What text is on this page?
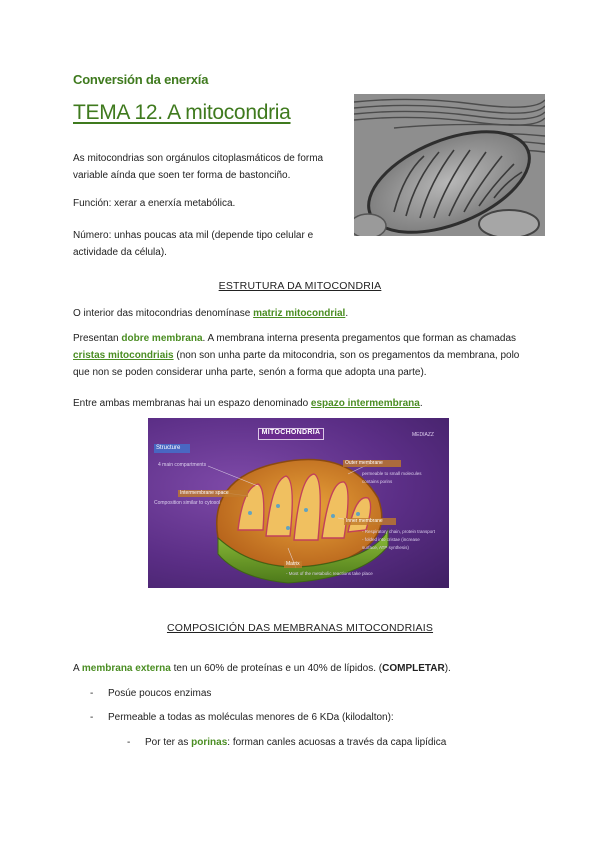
Conversión da enerxía
TEMA 12. A mitocondria
As mitocondrias son orgánulos citoplasmáticos de forma
variable aínda que soen ter forma de bastonciño.
Función: xerar a enerxía metabólica.
Número: unhas poucas ata mil (depende tipo celular e
actividade da célula).
ESTRUTURA DA MITOCONDRIA
O interior das mitocondrias denomínase matriz mitocondrial.
Presentan dobre membrana. A membrana interna presenta pregamentos que forman as chamadas
cristas mitocondriais (non son unha parte da mitocondria, son os pregamentos da membrana, polo
que non se poden considerar unha parte, senón a forma que adopta una parte).
Entre ambas membranas hai un espazo denominado espazo intermembrana.
MITOCHONDRIA	MEDIAZZ
Structure
4 main compartments
Intermembrane space
Composition similar to cytosol
Outer membrane
permeable to small molecules
contains porins
Inner membrane
- Respiratory chain, protein transport
- folded into cristae (increase
surface, ATP synthesis)
Matrix
- Most of the metabolic reactions take place
COMPOSICIÓN DAS MEMBRANAS MITOCONDRIAIS
A membrana externa ten un 60% de proteínas e un 40% de lípidos. (COMPLETAR).
- Posúe poucos enzimas
- Permeable a todas as moléculas menores de 6 KDa (kilodalton):
- Por ter as porinas: forman canles acuosas a través da capa lipídica
